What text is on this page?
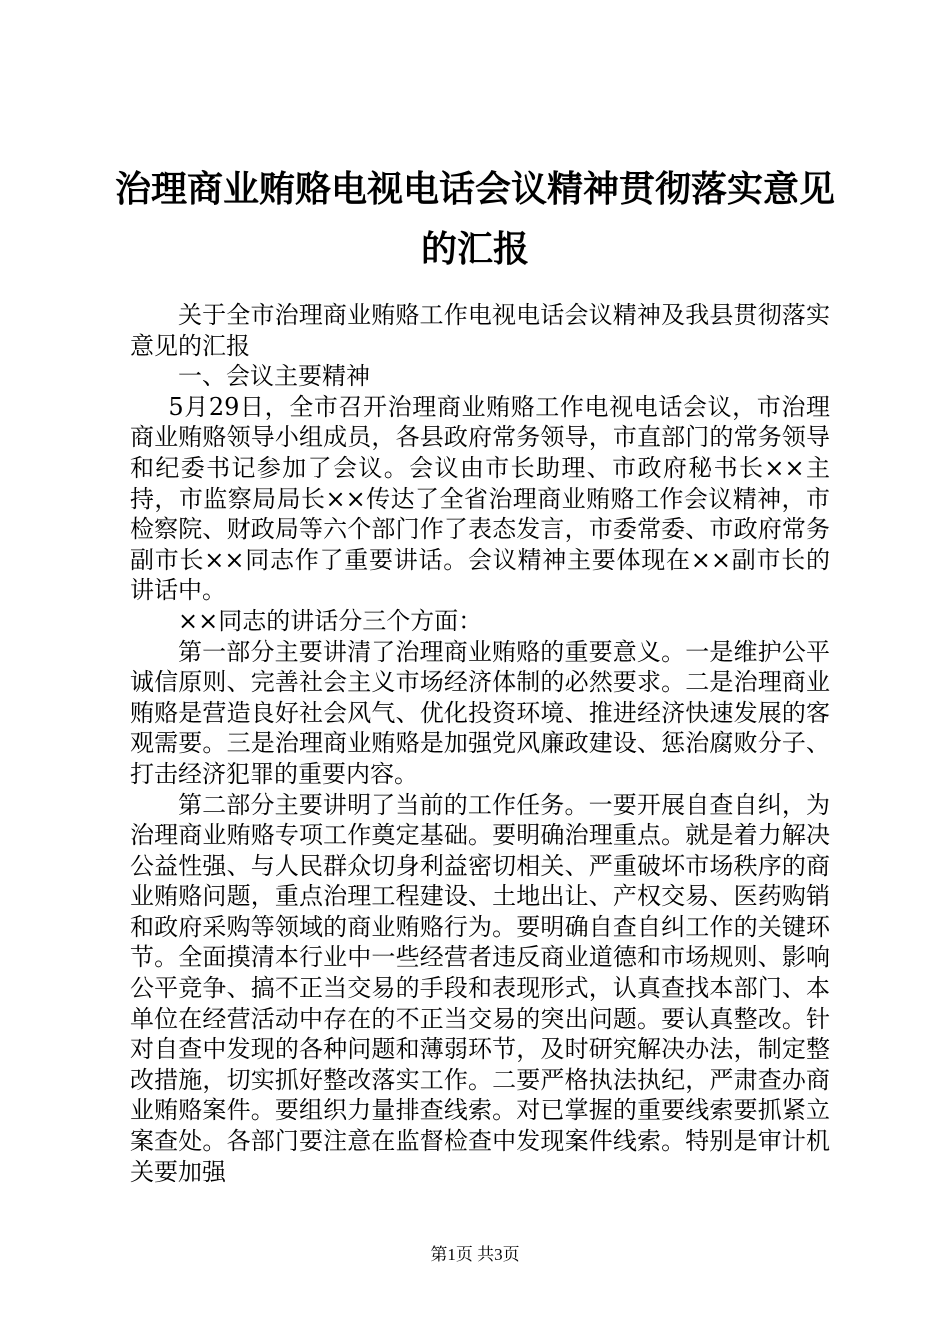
治理商业贿赂电视电话会议精神贯彻落实意见的汇报

关于全市治理商业贿赂工作电视电话会议精神及我县贯彻落实意见的汇报

一、会议主要精神

5月29日，全市召开治理商业贿赂工作电视电话会议，市治理商业贿赂领导小组成员，各县政府常务领导，市直部门的常务领导和纪委书记参加了会议。会议由市长助理、市政府秘书长××主持，市监察局局长××传达了全省治理商业贿赂工作会议精神，市检察院、财政局等六个部门作了表态发言，市委常委、市政府常务副市长××同志作了重要讲话。会议精神主要体现在××副市长的讲话中。

××同志的讲话分三个方面：

第一部分主要讲清了治理商业贿赂的重要意义。一是维护公平诚信原则、完善社会主义市场经济体制的必然要求。二是治理商业贿赂是营造良好社会风气、优化投资环境、推进经济快速发展的客观需要。三是治理商业贿赂是加强党风廉政建设、惩治腐败分子、打击经济犯罪的重要内容。

第二部分主要讲明了当前的工作任务。一要开展自查自纠，为治理商业贿赂专项工作奠定基础。要明确治理重点。就是着力解决公益性强、与人民群众切身利益密切相关、严重破坏市场秩序的商业贿赂问题，重点治理工程建设、土地出让、产权交易、医药购销和政府采购等领域的商业贿赂行为。要明确自查自纠工作的关键环节。全面摸清本行业中一些经营者违反商业道德和市场规则、影响公平竞争、搞不正当交易的手段和表现形式，认真查找本部门、本单位在经营活动中存在的不正当交易的突出问题。要认真整改。针对自查中发现的各种问题和薄弱环节，及时研究解决办法，制定整改措施，切实抓好整改落实工作。二要严格执法执纪，严肃查办商业贿赂案件。要组织力量排查线索。对已掌握的重要线索要抓紧立案查处。各部门要注意在监督检查中发现案件线索。特别是审计机关要加强

第1页 共3页
